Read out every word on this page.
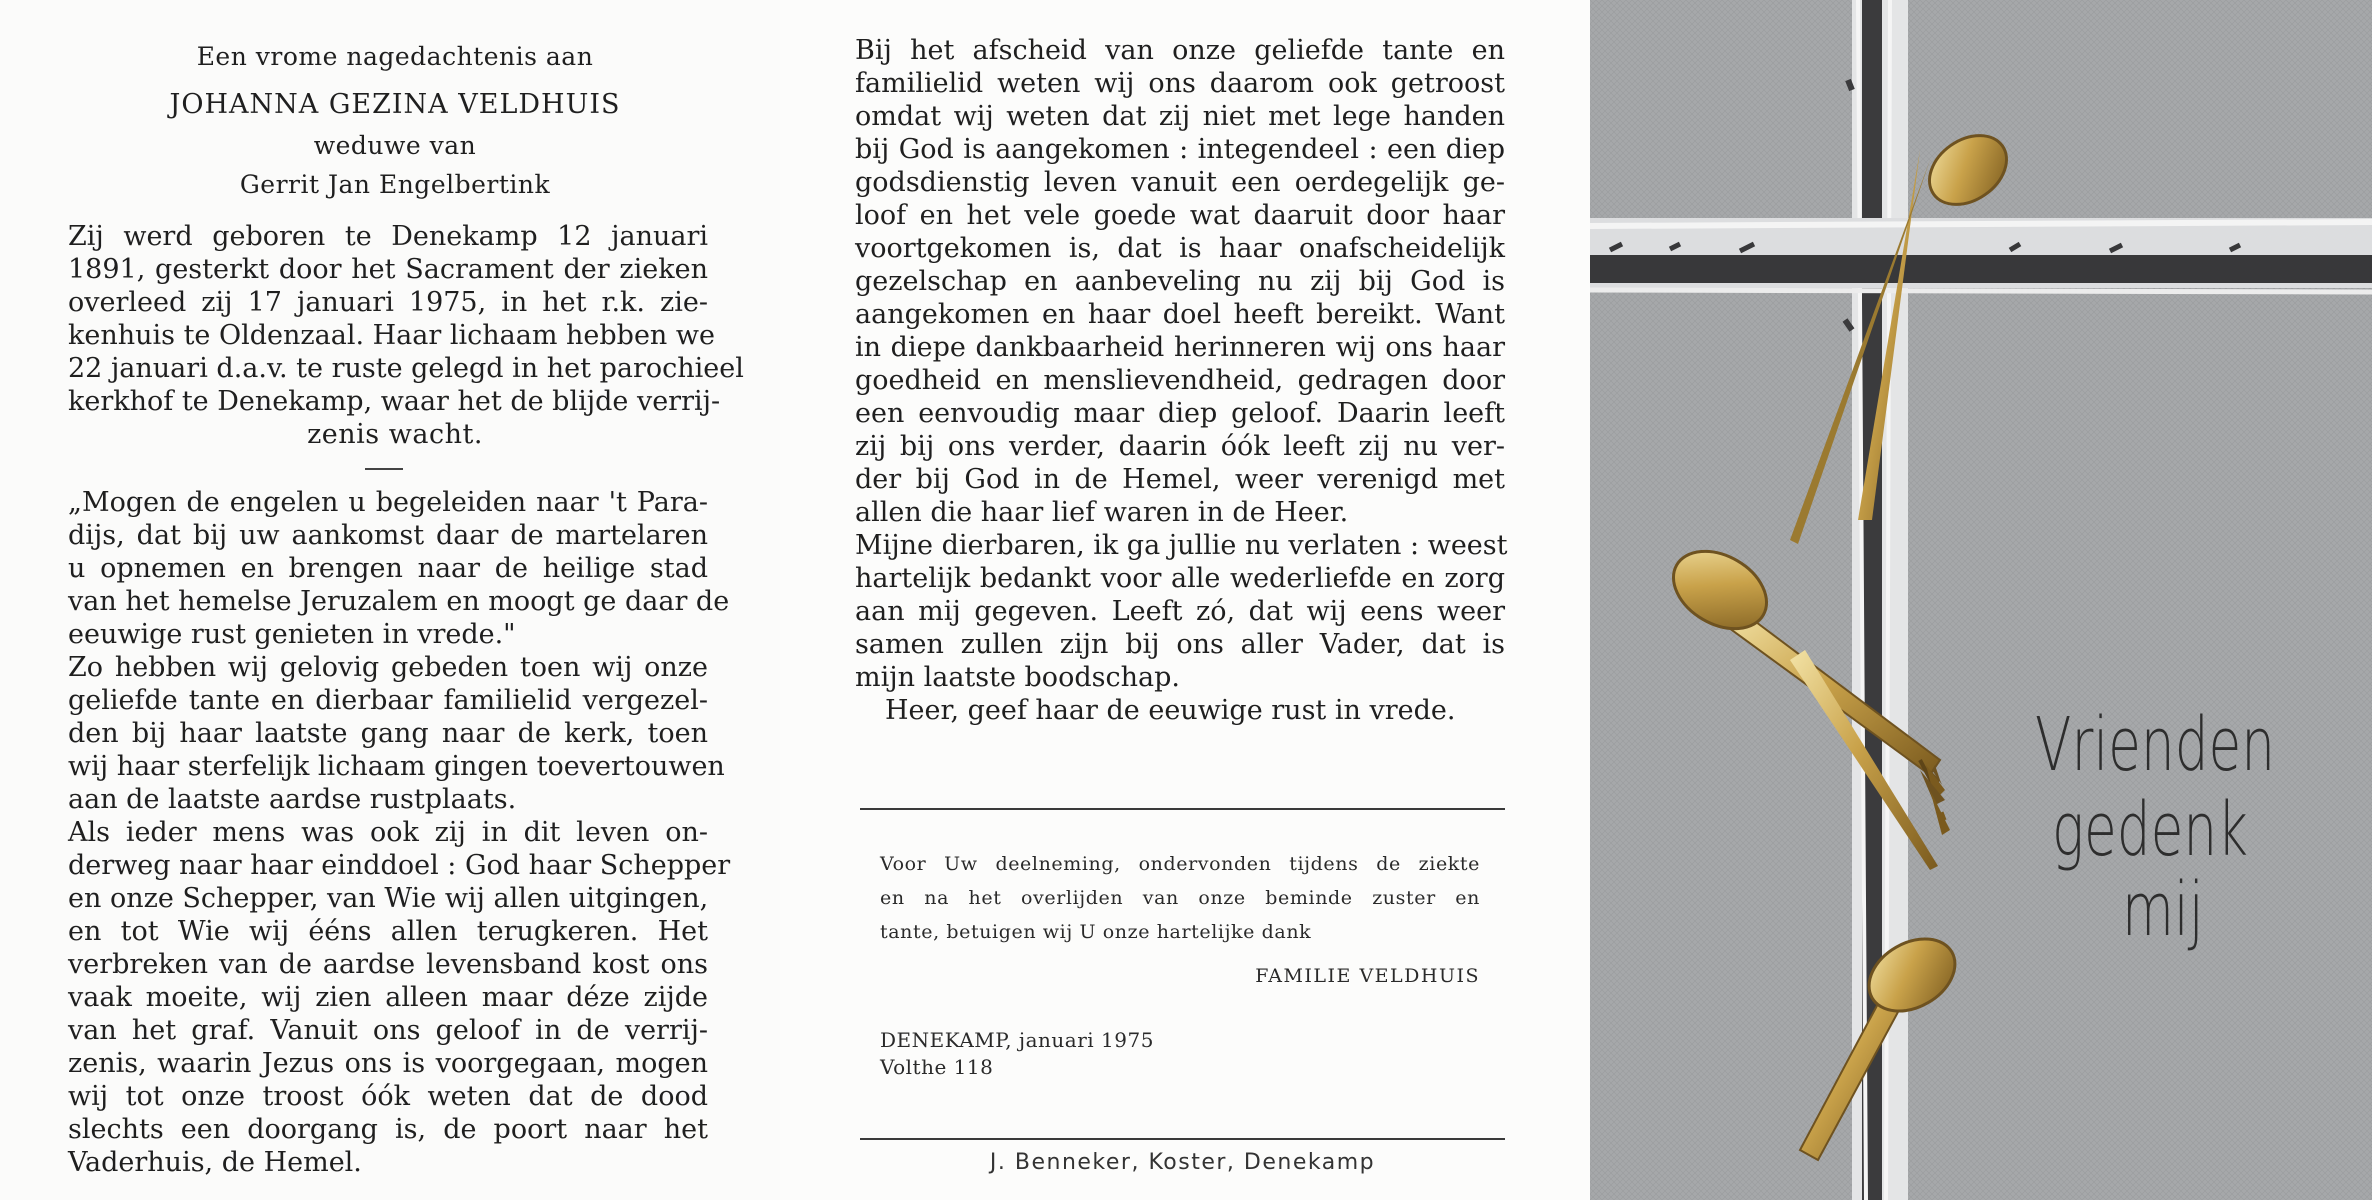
Een vrome nagedachtenis aan
JOHANNA GEZINA VELDHUIS
weduwe van
Gerrit Jan Engelbertink
Zij werd geboren te Denekamp 12 januari
1891, gesterkt door het Sacrament der zieken
overleed zij 17 januari 1975, in het r.k. zie-
kenhuis te Oldenzaal. Haar lichaam hebben we
22 januari d.a.v. te ruste gelegd in het parochieel
kerkhof te Denekamp, waar het de blijde verrij-
zenis wacht.
„Mogen de engelen u begeleiden naar 't Para-
dijs, dat bij uw aankomst daar de martelaren
u opnemen en brengen naar de heilige stad
van het hemelse Jeruzalem en moogt ge daar de
eeuwige rust genieten in vrede."
Zo hebben wij gelovig gebeden toen wij onze
geliefde tante en dierbaar familielid vergezel-
den bij haar laatste gang naar de kerk, toen
wij haar sterfelijk lichaam gingen toevertouwen
aan de laatste aardse rustplaats.
Als ieder mens was ook zij in dit leven on-
derweg naar haar einddoel : God haar Schepper
en onze Schepper, van Wie wij allen uitgingen,
en tot Wie wij ééns allen terugkeren. Het
verbreken van de aardse levensband kost ons
vaak moeite, wij zien alleen maar déze zijde
van het graf. Vanuit ons geloof in de verrij-
zenis, waarin Jezus ons is voorgegaan, mogen
wij tot onze troost óók weten dat de dood
slechts een doorgang is, de poort naar het
Vaderhuis, de Hemel.
Bij het afscheid van onze geliefde tante en
familielid weten wij ons daarom ook getroost
omdat wij weten dat zij niet met lege handen
bij God is aangekomen : integendeel : een diep
godsdienstig leven vanuit een oerdegelijk ge-
loof en het vele goede wat daaruit door haar
voortgekomen is, dat is haar onafscheidelijk
gezelschap en aanbeveling nu zij bij God is
aangekomen en haar doel heeft bereikt. Want
in diepe dankbaarheid herinneren wij ons haar
goedheid en menslievendheid, gedragen door
een eenvoudig maar diep geloof. Daarin leeft
zij bij ons verder, daarin óók leeft zij nu ver-
der bij God in de Hemel, weer verenigd met
allen die haar lief waren in de Heer.
Mijne dierbaren, ik ga jullie nu verlaten : weest
hartelijk bedankt voor alle wederliefde en zorg
aan mij gegeven. Leeft zó, dat wij eens weer
samen zullen zijn bij ons aller Vader, dat is
mijn laatste boodschap.
Heer, geef haar de eeuwige rust in vrede.
Voor Uw deelneming, ondervonden tijdens de ziekte
en na het overlijden van onze beminde zuster en
tante, betuigen wij U onze hartelijke dank
FAMILIE VELDHUIS
DENEKAMP, januari 1975
Volthe 118
J. Benneker, Koster, Denekamp
Vrienden
gedenk
mij
